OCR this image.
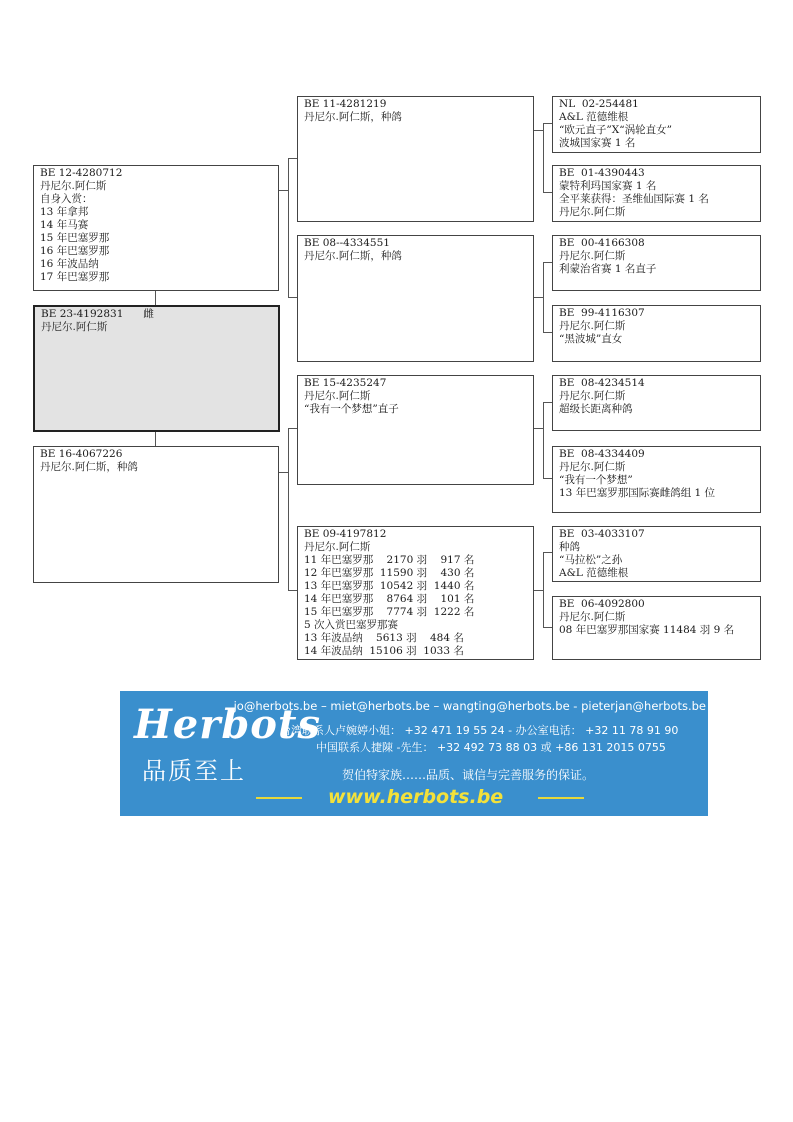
BE 12-4280712
丹尼尔.阿仁斯
自身入赏：
13 年拿邦
14 年马赛
15 年巴塞罗那
16 年巴塞罗那
16 年波品纳
17 年巴塞罗那
BE 23-4192831      雌
丹尼尔.阿仁斯
BE 16-4067226
丹尼尔.阿仁斯，种鸽
BE 11-4281219
丹尼尔.阿仁斯，种鸽
BE 08--4334551
丹尼尔.阿仁斯，种鸽
BE 15-4235247
丹尼尔.阿仁斯
“我有一个梦想”直子
BE 09-4197812
丹尼尔.阿仁斯
11 年巴塞罗那    2170 羽    917 名
12 年巴塞罗那  11590 羽    430 名
13 年巴塞罗那  10542 羽  1440 名
14 年巴塞罗那    8764 羽    101 名
15 年巴塞罗那    7774 羽  1222 名
5 次入赏巴塞罗那赛
13 年波品纳    5613 羽    484 名
14 年波品纳  15106 羽  1033 名
NL  02-254481
A&L 范德维根
“欧元直子”X“涡轮直女”
波城国家赛 1 名
BE  01-4390443
蒙特利玛国家赛 1 名
全平莱获得：圣维仙国际赛 1 名
丹尼尔.阿仁斯
BE  00-4166308
丹尼尔.阿仁斯
利蒙治省赛 1 名直子
BE  99-4116307
丹尼尔.阿仁斯
“黑波城”直女
BE  08-4234514
丹尼尔.阿仁斯
超级长距离种鸽
BE  08-4334409
丹尼尔.阿仁斯
“我有一个梦想”
13 年巴塞罗那国际赛雌鸽组 1 位
BE  03-4033107
种鸽
“马拉松”之孙
A&L 范德维根
BE  06-4092800
丹尼尔.阿仁斯
08 年巴塞罗那国家赛 11484 羽 9 名
Herbots
品质至上
jo@herbots.be – miet@herbots.be – wangting@herbots.be - pieterjan@herbots.be
台湾联系人卢婉婷小姐： +32 471 19 55 24 - 办公室电话： +32 11 78 91 90
中国联系人捷陳 -先生： +32 492 73 88 03 或 +86 131 2015 0755
贺伯特家族……品质、诚信与完善服务的保证。
www.herbots.be
